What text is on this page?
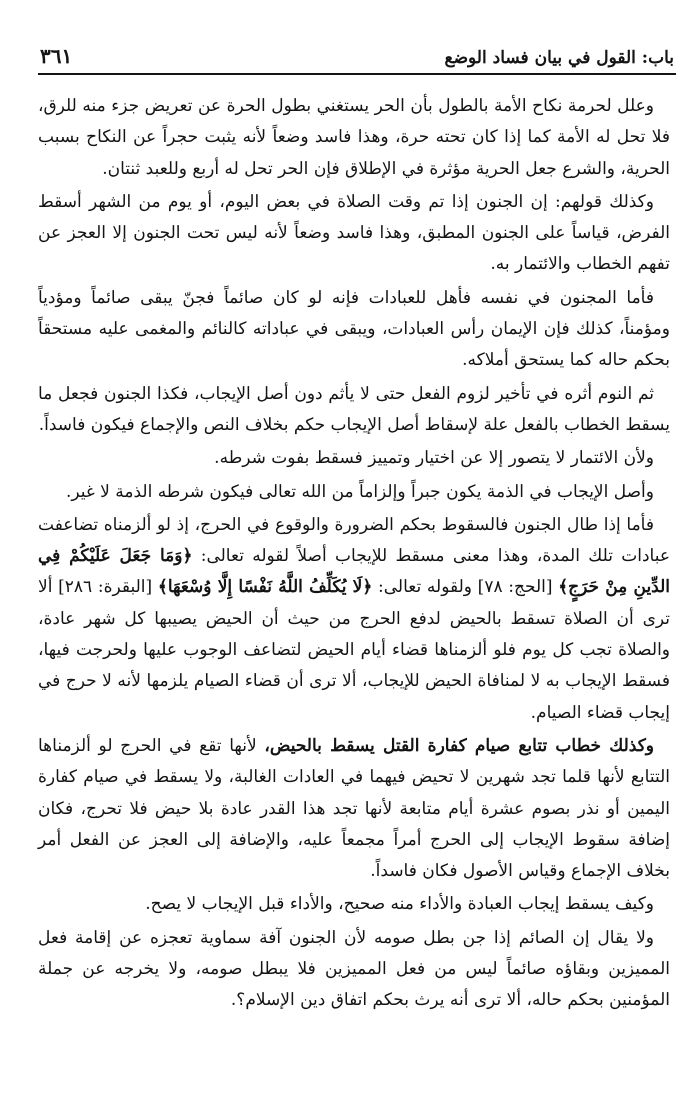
باب: القول في بيان فساد الوضع
٣٦١

وعلل لحرمة نكاح الأمة بالطول بأن الحر يستغني بطول الحرة عن تعريض جزء منه للرق، فلا تحل له الأمة كما إذا كان تحته حرة، وهذا فاسد وضعاً لأنه يثبت حجراً عن النكاح بسبب الحرية، والشرع جعل الحرية مؤثرة في الإطلاق فإن الحر تحل له أربع وللعبد ثنتان.

وكذلك قولهم: إن الجنون إذا تم وقت الصلاة في بعض اليوم، أو يوم من الشهر أسقط الفرض، قياساً على الجنون المطبق، وهذا فاسد وضعاً لأنه ليس تحت الجنون إلا العجز عن تفهم الخطاب والائتمار به.

فأما المجنون في نفسه فأهل للعبادات فإنه لو كان صائماً فجنّ يبقى صائماً ومؤدياً ومؤمناً، كذلك فإن الإيمان رأس العبادات، ويبقى في عباداته كالنائم والمغمى عليه مستحقاً بحكم حاله كما يستحق أملاكه.

ثم النوم أثره في تأخير لزوم الفعل حتى لا يأثم دون أصل الإيجاب، فكذا الجنون فجعل ما يسقط الخطاب بالفعل علة لإسقاط أصل الإيجاب حكم بخلاف النص والإجماع فيكون فاسداً.

ولأن الائتمار لا يتصور إلا عن اختيار وتمييز فسقط بفوت شرطه.

وأصل الإيجاب في الذمة يكون جبراً وإلزاماً من الله تعالى فيكون شرطه الذمة لا غير.

فأما إذا طال الجنون فالسقوط بحكم الضرورة والوقوع في الحرج، إذ لو ألزمناه تضاعفت عبادات تلك المدة، وهذا معنى مسقط للإيجاب أصلاً لقوله تعالى: ﴿وَمَا جَعَلَ عَلَيْكُمْ فِي الدِّينِ مِنْ حَرَجٍ﴾ [الحج: ٧٨] ولقوله تعالى: ﴿لَا يُكَلِّفُ اللَّهُ نَفْسًا إِلَّا وُسْعَهَا﴾ [البقرة: ٢٨٦] ألا ترى أن الصلاة تسقط بالحيض لدفع الحرج من حيث أن الحيض يصيبها كل شهر عادة، والصلاة تجب كل يوم فلو ألزمناها قضاء أيام الحيض لتضاعف الوجوب عليها ولحرجت فيها، فسقط الإيجاب به لا لمنافاة الحيض للإيجاب، ألا ترى أن قضاء الصيام يلزمها لأنه لا حرج في إيجاب قضاء الصيام.

وكذلك خطاب تتابع صيام كفارة القتل يسقط بالحيض، لأنها تقع في الحرج لو ألزمناها التتابع لأنها قلما تجد شهرين لا تحيض فيهما في العادات الغالبة، ولا يسقط في صيام كفارة اليمين أو نذر بصوم عشرة أيام متابعة لأنها تجد هذا القدر عادة بلا حيض فلا تحرج، فكان إضافة سقوط الإيجاب إلى الحرج أمراً مجمعاً عليه، والإضافة إلى العجز عن الفعل أمر بخلاف الإجماع وقياس الأصول فكان فاسداً.

وكيف يسقط إيجاب العبادة والأداء منه صحيح، والأداء قبل الإيجاب لا يصح.

ولا يقال إن الصائم إذا جن بطل صومه لأن الجنون آفة سماوية تعجزه عن إقامة فعل المميزين وبقاؤه صائماً ليس من فعل المميزين فلا يبطل صومه، ولا يخرجه عن جملة المؤمنين بحكم حاله، ألا ترى أنه يرث بحكم اتفاق دين الإسلام؟.
